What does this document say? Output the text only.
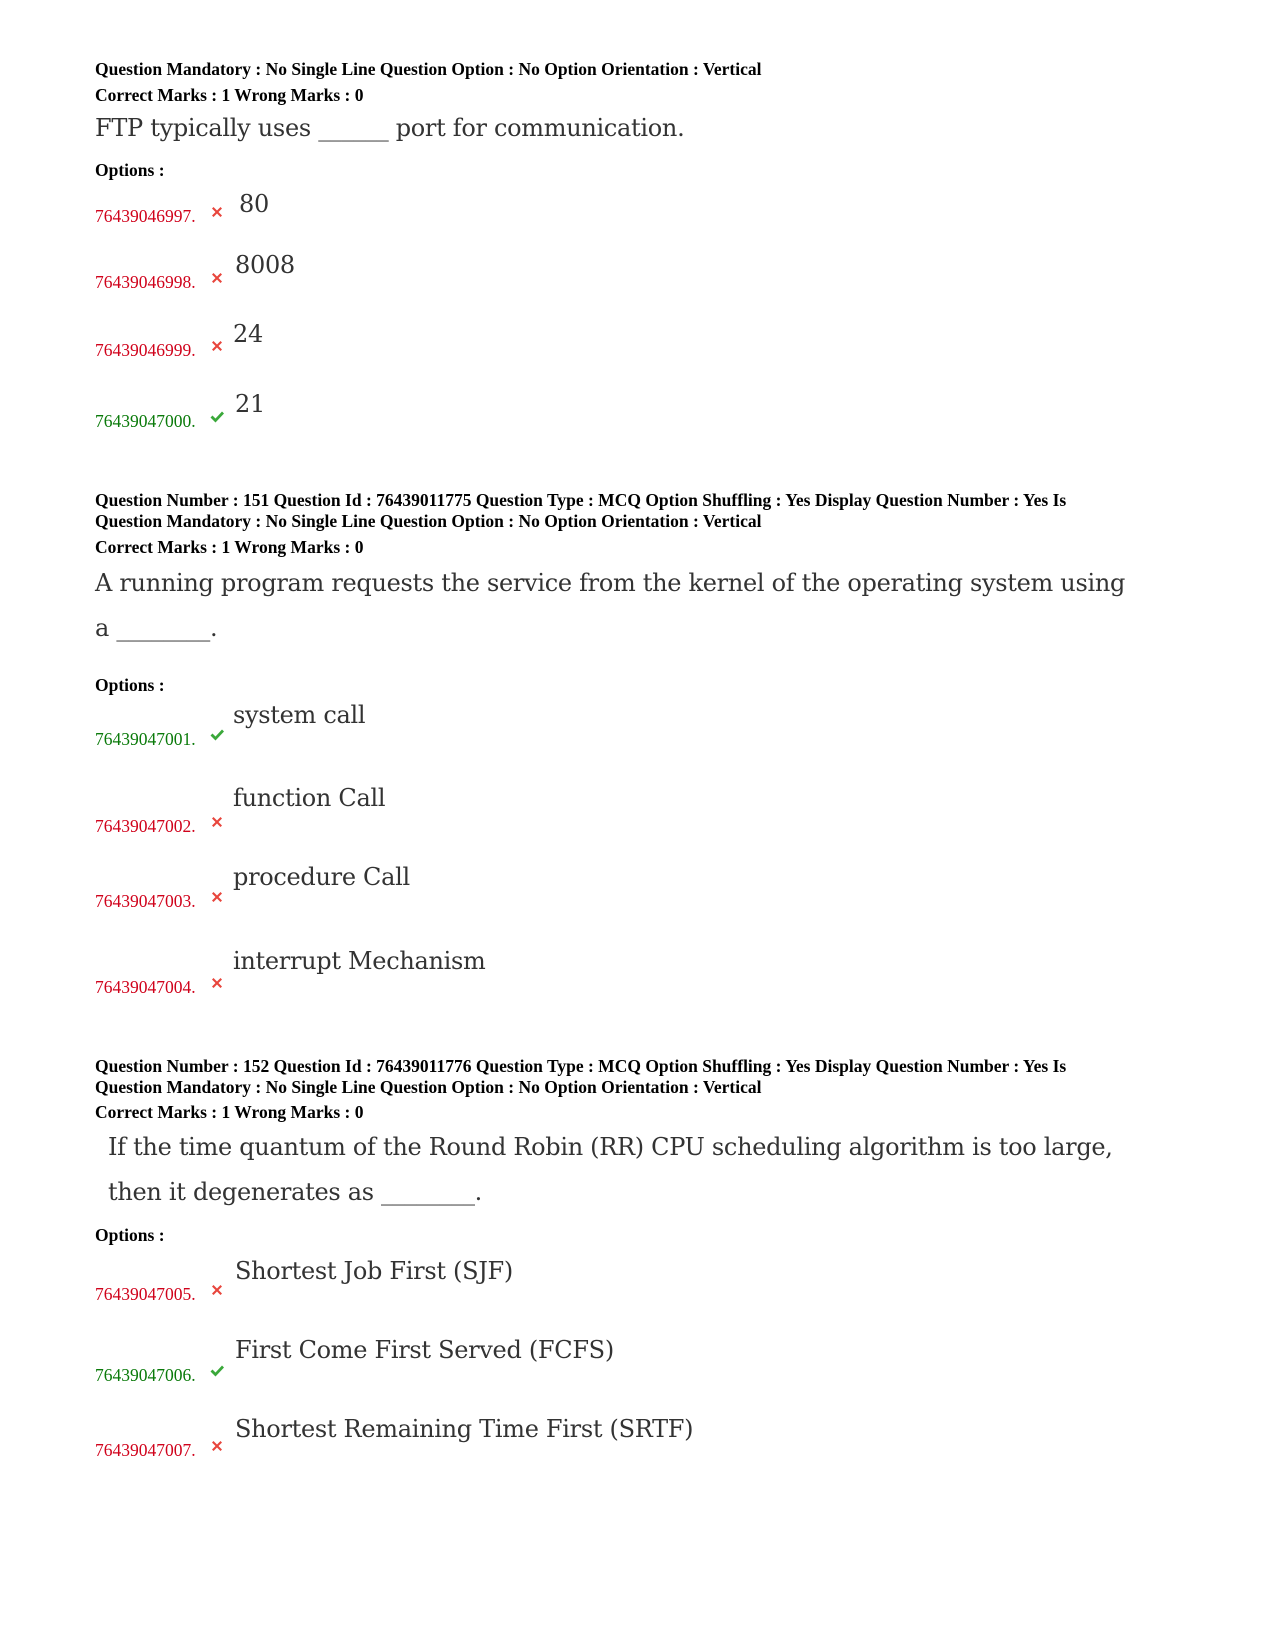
Question Mandatory : No Single Line Question Option : No Option Orientation : Vertical
Correct Marks : 1 Wrong Marks : 0
FTP typically uses ______ port for communication.
Options :
76439046997. 80
76439046998.
8008
76439046999.
24
76439047000.
21
Question Number : 151 Question Id : 76439011775 Question Type : MCQ Option Shuffling : Yes Display Question Number : Yes Is
Question Mandatory : No Single Line Question Option : No Option Orientation : Vertical
Correct Marks : 1 Wrong Marks : 0
A running program requests the service from the kernel of the operating system using
a ________.
Options :
76439047001.
system call
76439047002.
function Call
76439047003.
procedure Call
76439047004.
interrupt Mechanism
Question Number : 152 Question Id : 76439011776 Question Type : MCQ Option Shuffling : Yes Display Question Number : Yes Is
Question Mandatory : No Single Line Question Option : No Option Orientation : Vertical
Correct Marks : 1 Wrong Marks : 0
If the time quantum of the Round Robin (RR) CPU scheduling algorithm is too large,
then it degenerates as ________.
Options :
76439047005.
Shortest Job First (SJF)
76439047006.
First Come First Served (FCFS)
76439047007.
Shortest Remaining Time First (SRTF)
